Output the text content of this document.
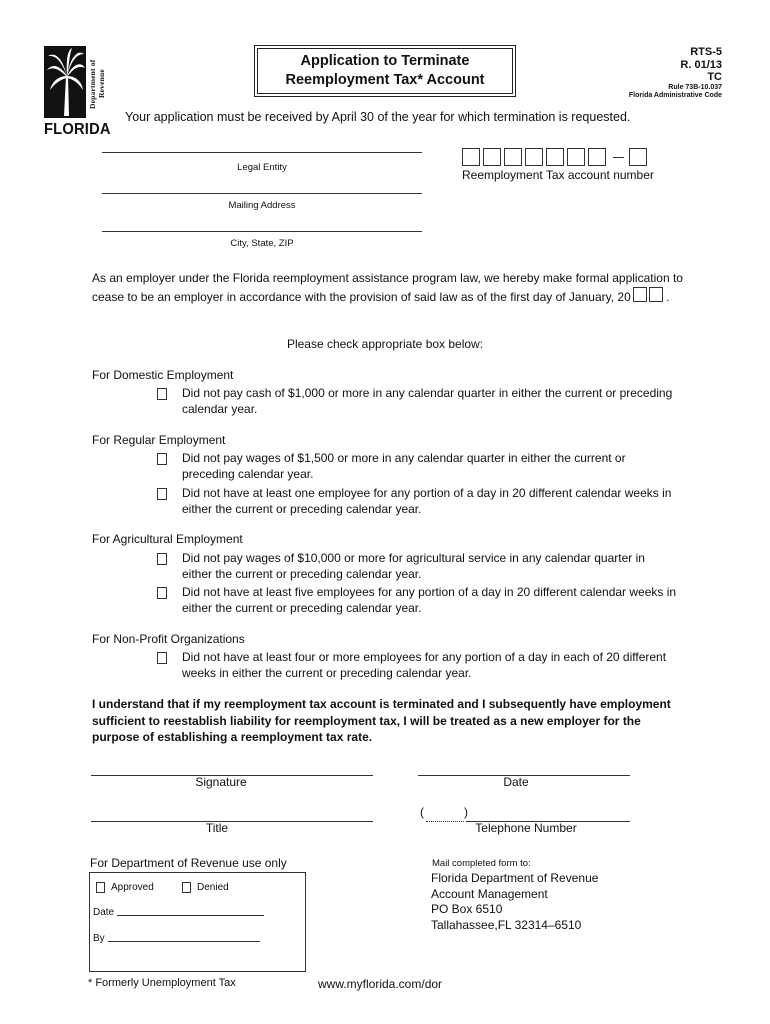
Department of Revenue
FLORIDA
Application to Terminate
Reemployment Tax* Account
RTS-5
R. 01/13
TC
Rule 73B-10.037
Florida Administrative Code
Your application must be received by April 30 of the year for which termination is requested.
Legal Entity
Mailing Address
City, State, ZIP
Reemployment Tax account number
As an employer under the Florida reemployment assistance program law, we hereby make formal application to cease to be an employer in accordance with the provision of said law as of the first day of January, 20	.
Please check appropriate box below:
For Domestic Employment
Did not pay cash of $1,000 or more in any calendar quarter in either the current or preceding calendar year.
For Regular Employment
Did not pay wages of $1,500 or more in any calendar quarter in either the current or preceding calendar year.
Did not have at least one employee for any portion of a day in 20 different calendar weeks in either the current or preceding calendar year.
For Agricultural Employment
Did not pay wages of $10,000 or more for agricultural service in any calendar quarter in either the current or preceding calendar year.
Did not have at least five employees for any portion of a day in 20 different calendar weeks in either the current or preceding calendar year.
For Non-Profit Organizations
Did not have at least four or more employees for any portion of a day in each of 20 different weeks in either the current or preceding calendar year.
I understand that if my reemployment tax account is terminated and I subsequently have employment sufficient to reestablish liability for reemployment tax, I will be treated as a new employer for the purpose of establishing a reemployment tax rate.
Signature	Date
Title
(	)
Telephone Number
For Department of Revenue use only
Approved	Denied
Date
By
Mail completed form to:
Florida Department of Revenue
Account Management
PO Box 6510
Tallahassee,FL 32314–6510
* Formerly Unemployment Tax	www.myflorida.com/dor
